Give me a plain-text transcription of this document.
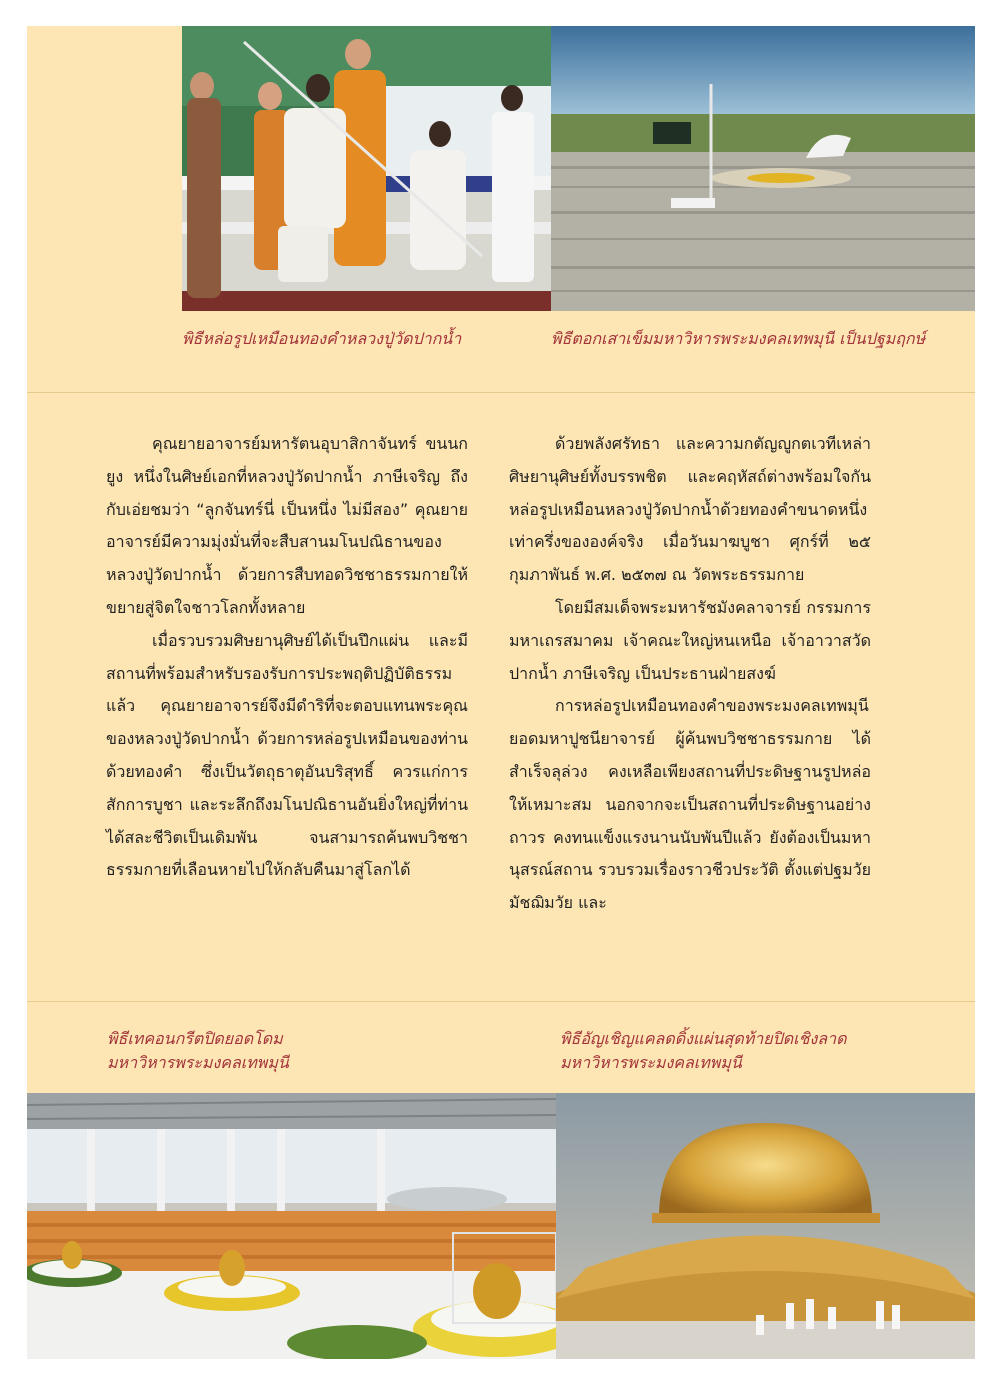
พิธีหล่อรูปเหมือนทองคำหลวงปู่วัดปากน้ำ	พิธีตอกเสาเข็มมหาวิหารพระมงคลเทพมุนี เป็นปฐมฤกษ์

คุณยายอาจารย์มหารัตนอุบาสิกาจันทร์ ขนนกยูง หนึ่งในศิษย์เอกที่หลวงปู่วัดปากน้ำ ภาษีเจริญ ถึงกับเอ่ยชมว่า “ลูกจันทร์นี่ เป็นหนึ่ง ไม่มีสอง” คุณยายอาจารย์มีความมุ่งมั่นที่จะสืบสานมโนปณิธานของหลวงปู่วัดปากน้ำ ด้วยการสืบทอดวิชชาธรรมกายให้ขยายสู่จิตใจชาวโลกทั้งหลาย

เมื่อรวบรวมศิษยานุศิษย์ได้เป็นปึกแผ่น และมีสถานที่พร้อมสำหรับรองรับการประพฤติปฏิบัติธรรมแล้ว คุณยายอาจารย์จึงมีดำริที่จะตอบแทนพระคุณของหลวงปู่วัดปากน้ำ ด้วยการหล่อรูปเหมือนของท่านด้วยทองคำ ซึ่งเป็นวัตถุธาตุอันบริสุทธิ์ ควรแก่การสักการบูชา และระลึกถึงมโนปณิธานอันยิ่งใหญ่ที่ท่านได้สละชีวิตเป็นเดิมพัน จนสามารถค้นพบวิชชาธรรมกายที่เลือนหายไปให้กลับคืนมาสู่โลกได้

ด้วยพลังศรัทธา และความกตัญญูกตเวทีเหล่าศิษยานุศิษย์ทั้งบรรพชิต และคฤหัสถ์ต่างพร้อมใจกันหล่อรูปเหมือนหลวงปู่วัดปากน้ำด้วยทองคำขนาดหนึ่งเท่าครึ่งขององค์จริง เมื่อวันมาฆบูชา ศุกร์ที่ ๒๕ กุมภาพันธ์ พ.ศ. ๒๕๓๗ ณ วัดพระธรรมกาย

โดยมีสมเด็จพระมหารัชมังคลาจารย์ กรรมการมหาเถรสมาคม เจ้าคณะใหญ่หนเหนือ เจ้าอาวาสวัดปากน้ำ ภาษีเจริญ เป็นประธานฝ่ายสงฆ์

การหล่อรูปเหมือนทองคำของพระมงคลเทพมุนี ยอดมหาปูชนียาจารย์ ผู้ค้นพบวิชชาธรรมกาย ได้สำเร็จลุล่วง คงเหลือเพียงสถานที่ประดิษฐานรูปหล่อให้เหมาะสม นอกจากจะเป็นสถานที่ประดิษฐานอย่างถาวร คงทนแข็งแรงนานนับพันปีแล้ว ยังต้องเป็นมหานุสรณ์สถาน รวบรวมเรื่องราวชีวประวัติ ตั้งแต่ปฐมวัย มัชฌิมวัย และ

พิธีเทคอนกรีตปิดยอดโดม
มหาวิหารพระมงคลเทพมุนี
พิธีอัญเชิญแคลดดิ้งแผ่นสุดท้ายปิดเชิงลาด
มหาวิหารพระมงคลเทพมุนี
